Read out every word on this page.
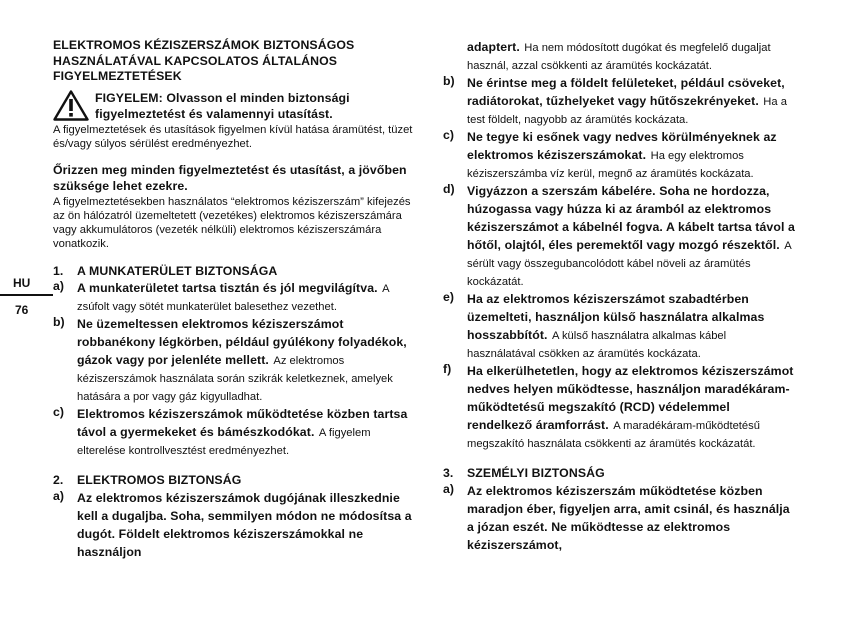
HU
76

ELEKTROMOS KÉZISZERSZÁMOK BIZTONSÁGOS HASZNÁLATÁVAL KAPCSOLATOS ÁLTALÁNOS FIGYELMEZTETÉSEK

FIGYELEM: Olvasson el minden biztonsági figyelmeztetést és valamennyi utasítást.

A figyelmeztetések és utasítások figyelmen kívül hatása áramütést, tüzet és/vagy súlyos sérülést eredményezhet.

Őrizzen meg minden figyelmeztetést és utasítást, a jövőben szüksége lehet ezekre.

A figyelmeztetésekben használatos “elektromos kéziszerszám” kifejezés az ön hálózatról üzemeltetett (vezetékes) elektromos kéziszerszámára vagy akkumulátoros (vezeték nélküli) elektromos kéziszerszámára vonatkozik.

1.	A MUNKATERÜLET BIZTONSÁGA
a)	A munkaterületet tartsa tisztán és jól megvilágítva. A zsúfolt vagy sötét munkaterület balesethez vezethet.
b)	Ne üzemeltessen elektromos kéziszerszámot robbanékony légkörben, például gyúlékony folyadékok, gázok vagy por jelenléte mellett. Az elektromos kéziszerszámok használata során szikrák keletkeznek, amelyek hatására a por vagy gáz kigyulladhat.
c)	Elektromos kéziszerszámok működtetése közben tartsa távol a gyermekeket és bámészkodókat. A figyelem elterelése kontrollvesztést eredményezhet.
2.	ELEKTROMOS BIZTONSÁG
a)	Az elektromos kéziszerszámok dugójának illeszkednie kell a dugaljba. Soha, semmilyen módon ne módosítsa a dugót. Földelt elektromos kéziszerszámokkal ne használjon
adaptert. Ha nem módosított dugókat és megfelelő dugaljat használ, azzal csökkenti az áramütés kockázatát.
b)	Ne érintse meg a földelt felületeket, például csöveket, radiátorokat, tűzhelyeket vagy hűtőszekrényeket. Ha a test földelt, nagyobb az áramütés kockázata.
c)	Ne tegye ki esőnek vagy nedves körülményeknek az elektromos kéziszerszámokat. Ha egy elektromos kéziszerszámba víz kerül, megnő az áramütés kockázata.
d)	Vigyázzon a szerszám kábelére. Soha ne hordozza, húzogassa vagy húzza ki az áramból az elektromos kéziszerszámot a kábelnél fogva. A kábelt tartsa távol a hőtől, olajtól, éles peremektől vagy mozgó részektől. A sérült vagy összegubancolódott kábel növeli az áramütés kockázatát.
e)	Ha az elektromos kéziszerszámot szabadtérben üzemelteti, használjon külső használatra alkalmas hosszabbítót. A külső használatra alkalmas kábel használatával csökken az áramütés kockázata.
f)	Ha elkerülhetetlen, hogy az elektromos kéziszerszámot nedves helyen működtesse, használjon maradékáram-működtetésű megszakító (RCD) védelemmel rendelkező áramforrást. A maradékáram-működtetésű megszakító használata csökkenti az áramütés kockázatát.
3.	SZEMÉLYI BIZTONSÁG
a)	Az elektromos kéziszerszám működtetése közben maradjon éber, figyeljen arra, amit csinál, és használja a józan eszét. Ne működtesse az elektromos kéziszerszámot,
